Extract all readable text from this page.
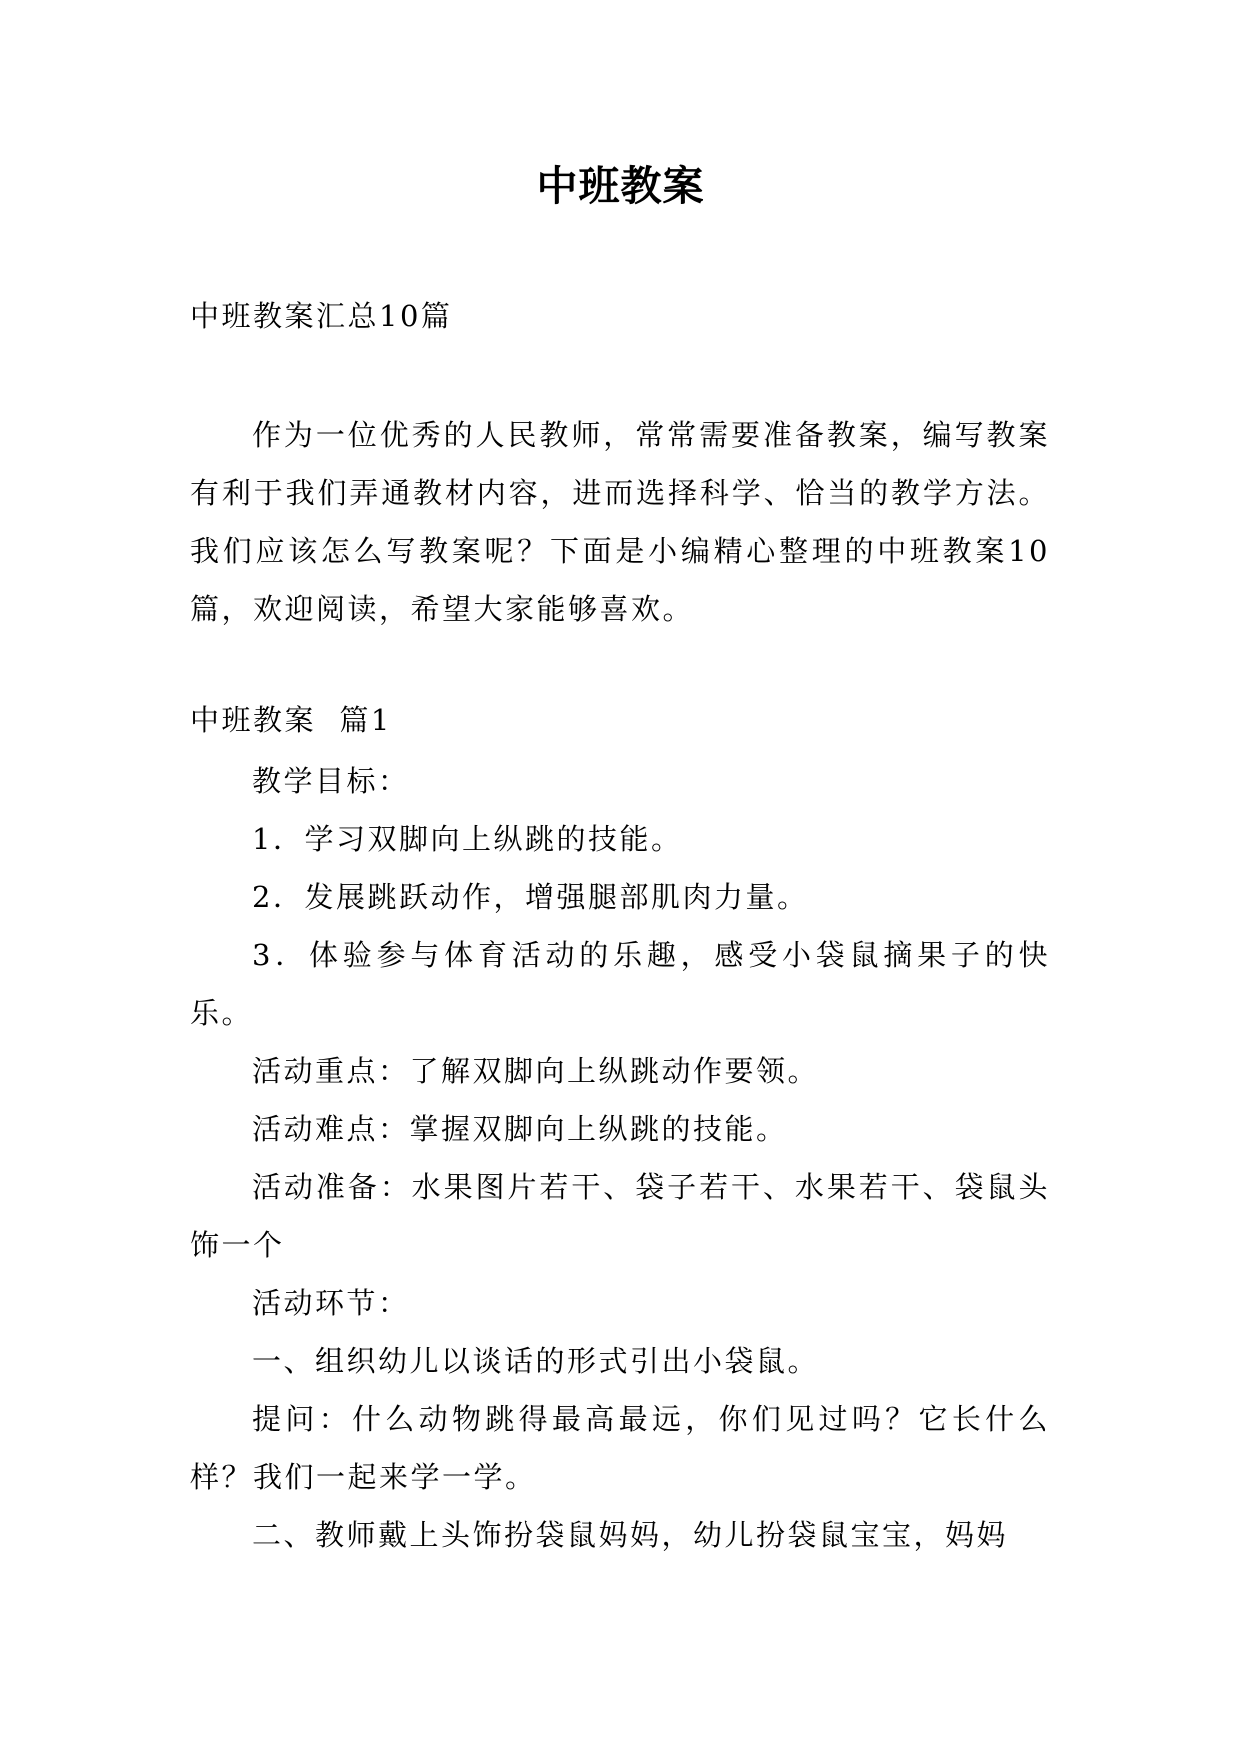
中班教案
中班教案汇总10篇
作为一位优秀的人民教师，常常需要准备教案，编写教案有利于我们弄通教材内容，进而选择科学、恰当的教学方法。我们应该怎么写教案呢？下面是小编精心整理的中班教案10篇，欢迎阅读，希望大家能够喜欢。
中班教案  篇1

教学目标：

1．学习双脚向上纵跳的技能。

2．发展跳跃动作，增强腿部肌肉力量。

3．体验参与体育活动的乐趣，感受小袋鼠摘果子的快乐。

活动重点：了解双脚向上纵跳动作要领。

活动难点：掌握双脚向上纵跳的技能。

活动准备：水果图片若干、袋子若干、水果若干、袋鼠头饰一个

活动环节：

一、组织幼儿以谈话的形式引出小袋鼠。

提问：什么动物跳得最高最远，你们见过吗？它长什么样？我们一起来学一学。

二、教师戴上头饰扮袋鼠妈妈，幼儿扮袋鼠宝宝，妈妈
